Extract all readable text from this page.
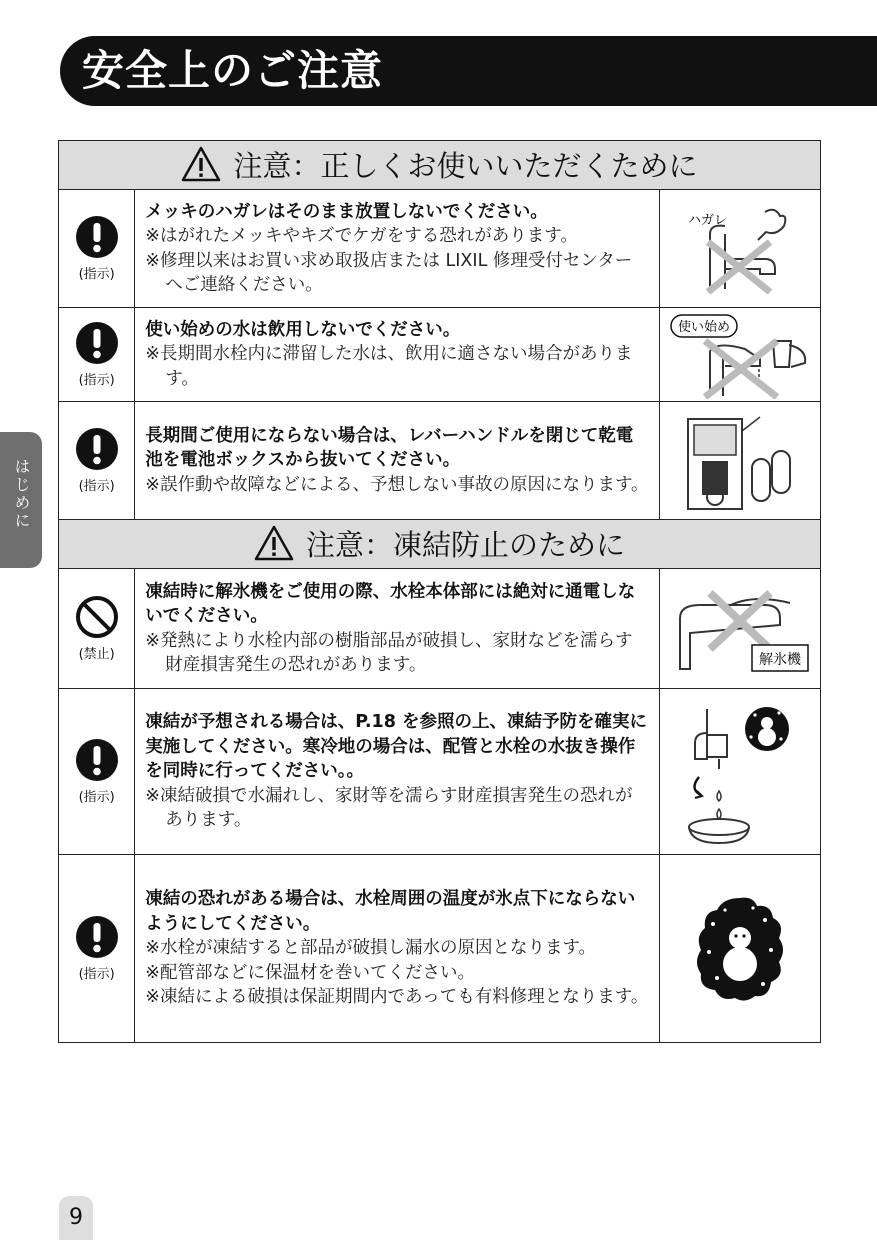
安全上のご注意
はじめに
注意：正しくお使いいただくために		

(指示)	メッキのハガレはそのまま放置しないでください。
※はがれたメッキやキズでケガをする恐れがあります。
※修理以来はお買い求め取扱店または LIXIL 修理受付センターへご連絡ください。	ハガレ

(指示)	使い始めの水は飲用しないでください。
※長期間水栓内に滞留した水は、飲用に適さない場合があります。	使い始め

(指示)	長期間ご使用にならない場合は、レバーハンドルを閉じて乾電池を電池ボックスから抜いてください。
※誤作動や故障などによる、予想しない事故の原因になります。

注意：凍結防止のために		

(禁止)	凍結時に解氷機をご使用の際、水栓本体部には絶対に通電しないでください。
※発熱により水栓内部の樹脂部品が破損し、家財などを濡らす財産損害発生の恐れがあります。	解氷機

(指示)	凍結が予想される場合は、P.18 を参照の上、凍結予防を確実に実施してください。寒冷地の場合は、配管と水栓の水抜き操作を同時に行ってください。。
※凍結破損で水漏れし、家財等を濡らす財産損害発生の恐れがあります。

(指示)	凍結の恐れがある場合は、水栓周囲の温度が氷点下にならないようにしてください。
※水栓が凍結すると部品が破損し漏水の原因となります。
※配管部などに保温材を巻いてください。
※凍結による破損は保証期間内であっても有料修理となります。

9
